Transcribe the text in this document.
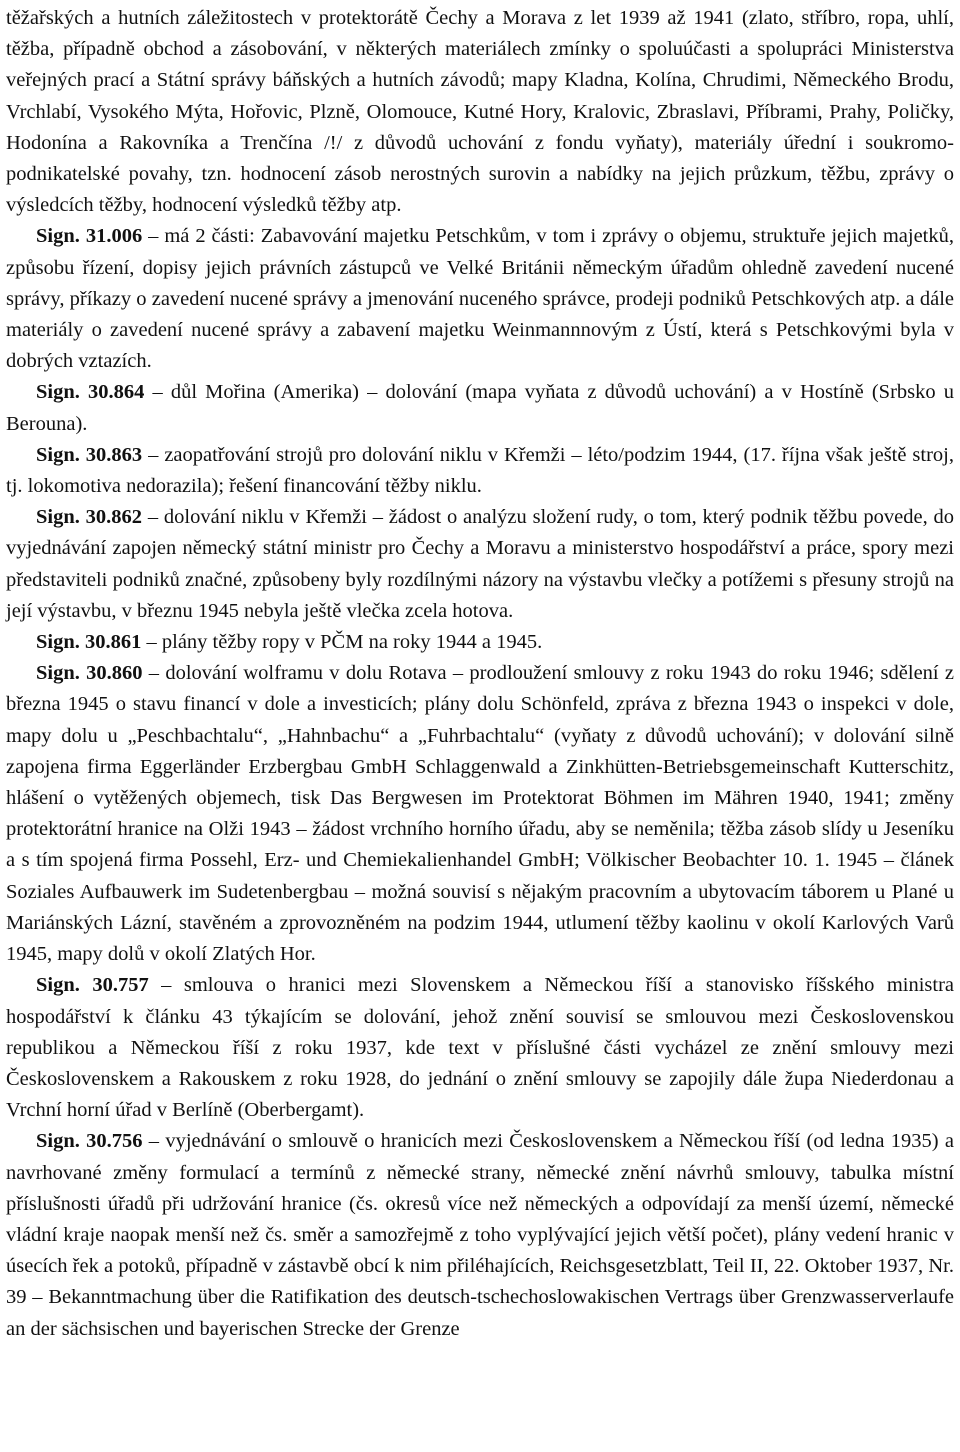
těžařských a hutních záležitostech v protektorátě Čechy a Morava z let 1939 až 1941 (zlato, stříbro, ropa, uhlí, těžba, případně obchod a zásobování, v některých materiálech zmínky o spoluúčasti a spolupráci Ministerstva veřejných prací a Státní správy báňských a hutních závodů; mapy Kladna, Kolína, Chrudimi, Německého Brodu, Vrchlabí, Vysokého Mýta, Hořovic, Plzně, Olomouce, Kutné Hory, Kralovic, Zbraslavi, Příbrami, Prahy, Poličky, Hodonína a Rakovníka a Trenčína /!/ z důvodů uchování z fondu vyňaty), materiály úřední i soukromo-podnikatelské povahy, tzn. hodnocení zásob nerostných surovin a nabídky na jejich průzkum, těžbu, zprávy o výsledcích těžby, hodnocení výsledků těžby atp.

Sign. 31.006 – má 2 části: Zabavování majetku Petschkům, v tom i zprávy o objemu, struktuře jejich majetků, způsobu řízení, dopisy jejich právních zástupců ve Velké Británii německým úřadům ohledně zavedení nucené správy, příkazy o zavedení nucené správy a jmenování nuceného správce, prodeji podniků Petschkových atp. a dále materiály o zavedení nucené správy a zabavení majetku Weinmannnovým z Ústí, která s Petschkovými byla v dobrých vztazích.

Sign. 30.864 – důl Mořina (Amerika) – dolování (mapa vyňata z důvodů uchování) a v Hostíně (Srbsko u Berouna).

Sign. 30.863 – zaopatřování strojů pro dolování niklu v Křemži – léto/podzim 1944, (17. října však ještě stroj, tj. lokomotiva nedorazila); řešení financování těžby niklu.

Sign. 30.862 – dolování niklu v Křemži – žádost o analýzu složení rudy, o tom, který podnik těžbu povede, do vyjednávání zapojen německý státní ministr pro Čechy a Moravu a ministerstvo hospodářství a práce, spory mezi představiteli podniků značné, způsobeny byly rozdílnými názory na výstavbu vlečky a potížemi s přesuny strojů na její výstavbu, v březnu 1945 nebyla ještě vlečka zcela hotova.

Sign. 30.861 – plány těžby ropy v PČM na roky 1944 a 1945.

Sign. 30.860 – dolování wolframu v dolu Rotava – prodloužení smlouvy z roku 1943 do roku 1946; sdělení z března 1945 o stavu financí v dole a investicích; plány dolu Schönfeld, zpráva z března 1943 o inspekci v dole, mapy dolu u „Peschbachtalu“, „Hahnbachu“ a „Fuhrbachtalu“ (vyňaty z důvodů uchování); v dolování silně zapojena firma Eggerländer Erzbergbau GmbH Schlaggenwald a Zinkhütten-Betriebsgemeinschaft Kutterschitz, hlášení o vytěžených objemech, tisk Das Bergwesen im Protektorat Böhmen im Mähren 1940, 1941; změny protektorátní hranice na Olži 1943 – žádost vrchního horního úřadu, aby se neměnila; těžba zásob slídy u Jeseníku a s tím spojená firma Possehl, Erz- und Chemiekalienhandel GmbH; Völkischer Beobachter 10. 1. 1945 – článek Soziales Aufbauwerk im Sudetenbergbau – možná souvisí s nějakým pracovním a ubytovacím táborem u Plané u Mariánských Lázní, stavěném a zprovozněném na podzim 1944, utlumení těžby kaolinu v okolí Karlových Varů 1945, mapy dolů v okolí Zlatých Hor.

Sign. 30.757 – smlouva o hranici mezi Slovenskem a Německou říší a stanovisko říšského ministra hospodářství k článku 43 týkajícím se dolování, jehož znění souvisí se smlouvou mezi Československou republikou a Německou říší z roku 1937, kde text v příslušné části vycházel ze znění smlouvy mezi Československem a Rakouskem z roku 1928, do jednání o znění smlouvy se zapojily dále župa Niederdonau a Vrchní horní úřad v Berlíně (Oberbergamt).

Sign. 30.756 – vyjednávání o smlouvě o hranicích mezi Československem a Německou říší (od ledna 1935) a navrhované změny formulací a termínů z německé strany, německé znění návrhů smlouvy, tabulka místní příslušnosti úřadů při udržování hranice (čs. okresů více než německých a odpovídají za menší území, německé vládní kraje naopak menší než čs. směr a samozřejmě z toho vyplývající jejich větší počet), plány vedení hranic v úsecích řek a potoků, případně v zástavbě obcí k nim přiléhajících, Reichsgesetzblatt, Teil II, 22. Oktober 1937, Nr. 39 – Bekanntmachung über die Ratifikation des deutsch-tschechoslowakischen Vertrags über Grenzwasserverlaufe an der sächsischen und bayerischen Strecke der Grenze
